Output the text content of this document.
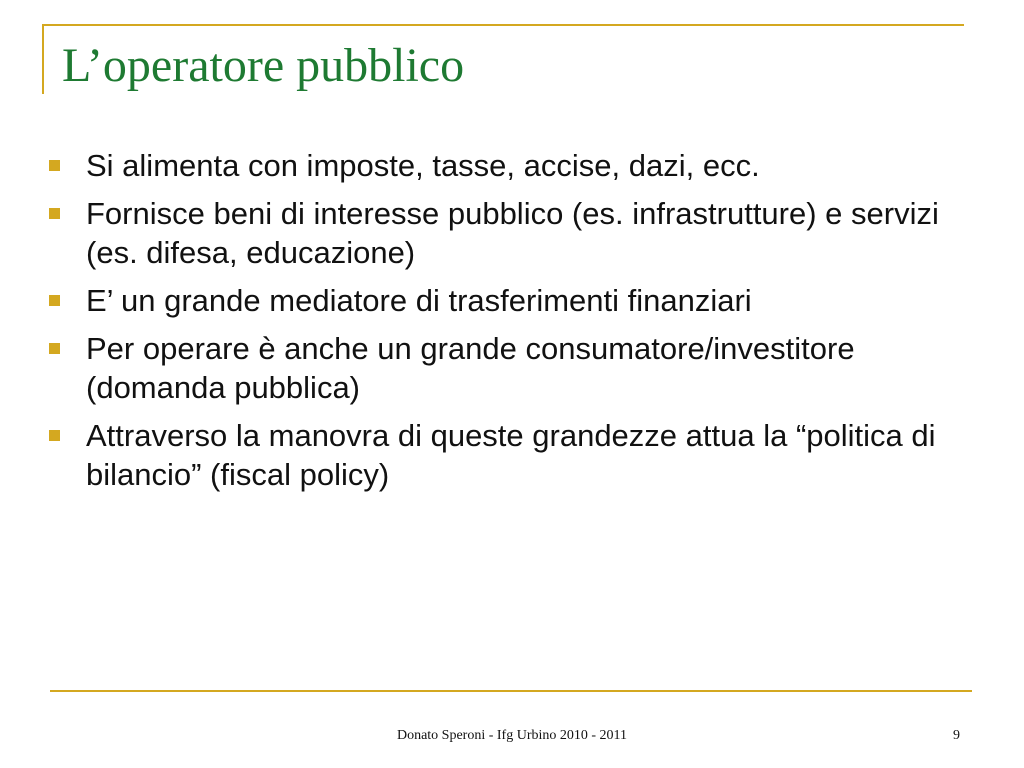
L’operatore pubblico
Si alimenta con imposte, tasse, accise, dazi, ecc.
Fornisce beni di interesse pubblico (es. infrastrutture) e servizi (es. difesa, educazione)
E’ un grande mediatore di trasferimenti finanziari
Per operare è anche un grande consumatore/investitore (domanda pubblica)
Attraverso la manovra di queste grandezze attua la “politica di bilancio” (fiscal policy)
Donato Speroni - Ifg Urbino 2010 - 2011	9
